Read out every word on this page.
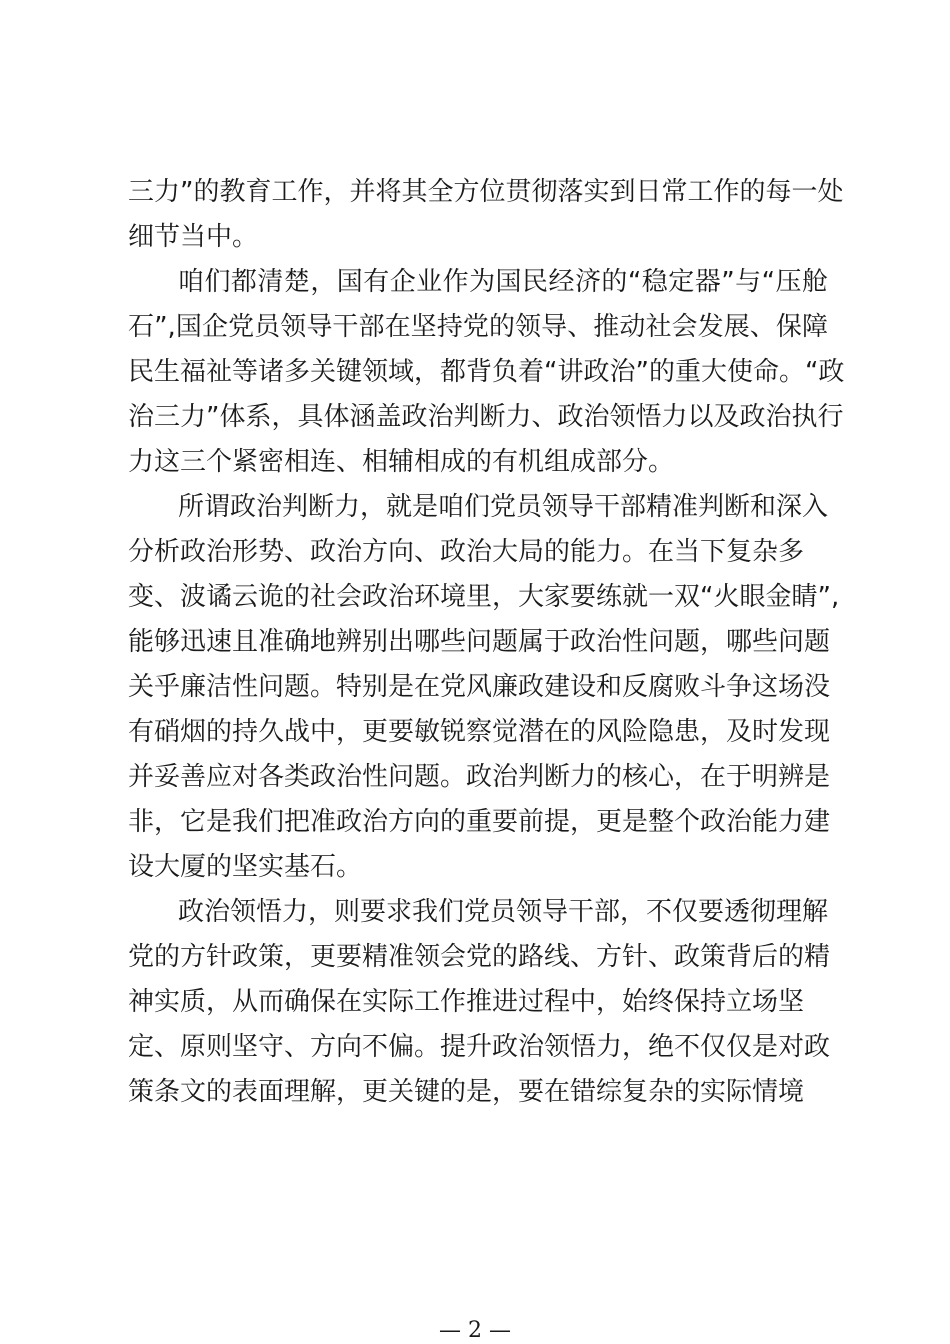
三力”的教育工作，并将其全方位贯彻落实到日常工作的每一处
细节当中。
咱们都清楚，国有企业作为国民经济的“稳定器”与“压舱
石”,国企党员领导干部在坚持党的领导、推动社会发展、保障
民生福祉等诸多关键领域，都背负着“讲政治”的重大使命。“政
治三力”体系，具体涵盖政治判断力、政治领悟力以及政治执行
力这三个紧密相连、相辅相成的有机组成部分。
所谓政治判断力，就是咱们党员领导干部精准判断和深入
分析政治形势、政治方向、政治大局的能力。在当下复杂多
变、波谲云诡的社会政治环境里，大家要练就一双“火眼金睛”,
能够迅速且准确地辨别出哪些问题属于政治性问题，哪些问题
关乎廉洁性问题。特别是在党风廉政建设和反腐败斗争这场没
有硝烟的持久战中，更要敏锐察觉潜在的风险隐患，及时发现
并妥善应对各类政治性问题。政治判断力的核心，在于明辨是
非，它是我们把准政治方向的重要前提，更是整个政治能力建
设大厦的坚实基石。
政治领悟力，则要求我们党员领导干部，不仅要透彻理解
党的方针政策，更要精准领会党的路线、方针、政策背后的精
神实质，从而确保在实际工作推进过程中，始终保持立场坚
定、原则坚守、方向不偏。提升政治领悟力，绝不仅仅是对政
策条文的表面理解，更关键的是，要在错综复杂的实际情境
— 2 —
